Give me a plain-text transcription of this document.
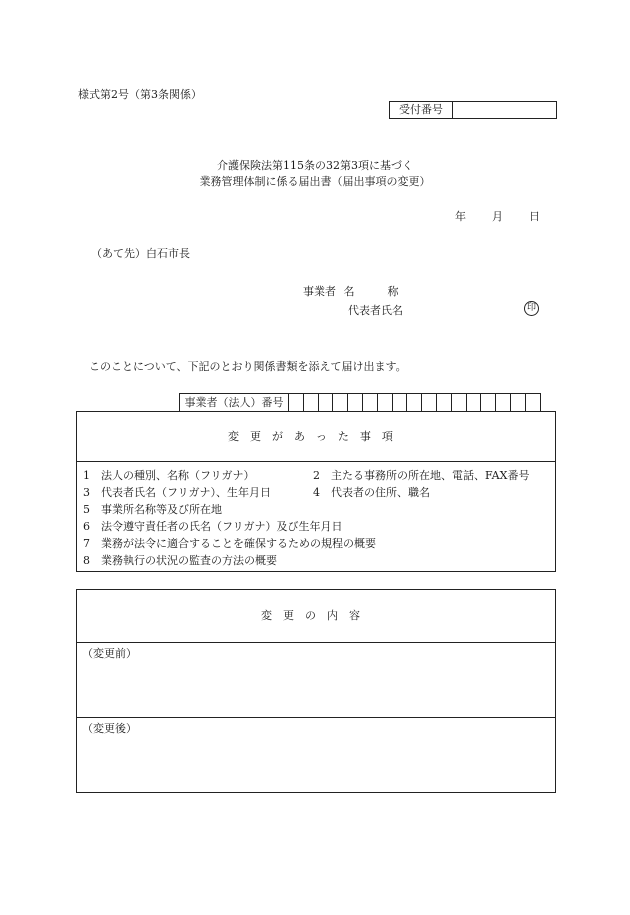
様式第2号（第3条関係）
受付番号
介護保険法第115条の32第3項に基づく
業務管理体制に係る届出書（届出事項の変更）
年 月 日
（あて先）白石市長
事業者 名　　　称
代表者氏名	印
このことについて、下記のとおり関係書類を添えて届け出ます。
事業者（法人）番号
変更があった事項
1　法人の種別、名称（フリガナ）	2　主たる事務所の所在地、電話、FAX番号
3　代表者氏名（フリガナ）、生年月日	4　代表者の住所、職名
5　事業所名称等及び所在地
6　法令遵守責任者の氏名（フリガナ）及び生年月日
7　業務が法令に適合することを確保するための規程の概要
8　業務執行の状況の監査の方法の概要
変更の内容
（変更前）
（変更後）
